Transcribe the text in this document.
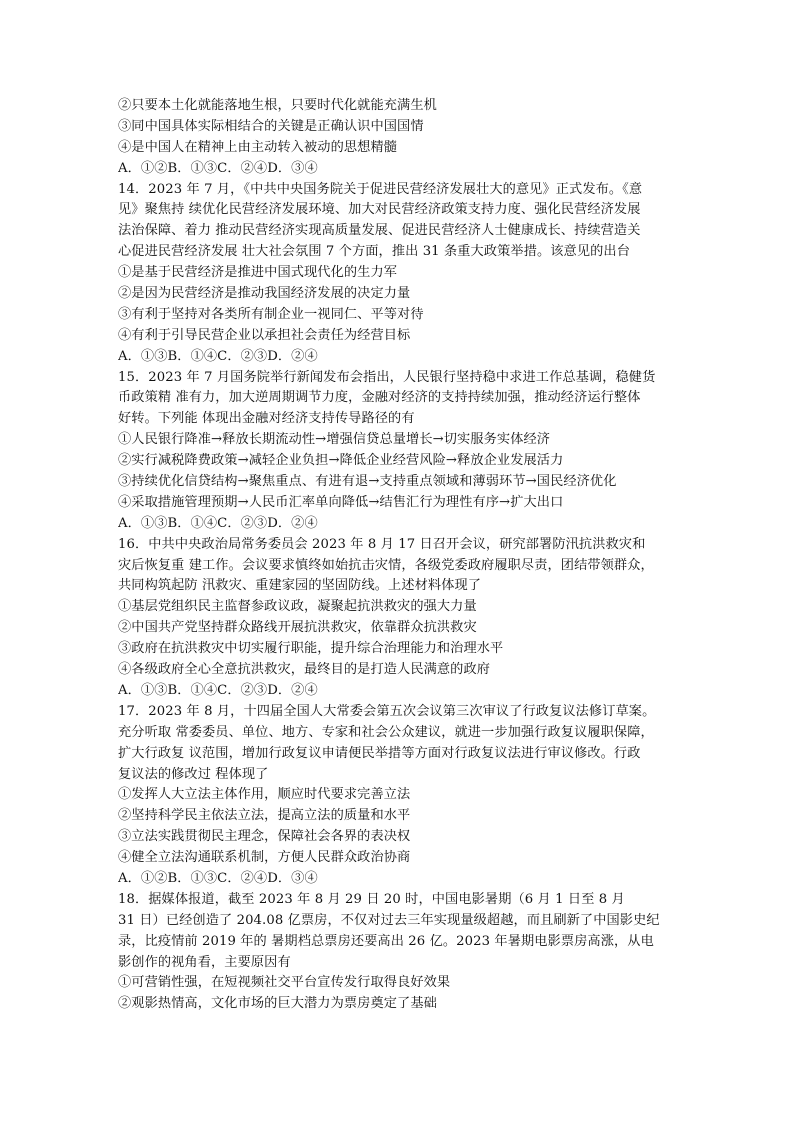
②只要本土化就能落地生根，只要时代化就能充满生机
③同中国具体实际相结合的关键是正确认识中国国情
④是中国人在精神上由主动转入被动的思想精髓
A．①②B．①③C．②④D．③④
14．2023 年 7 月，《中共中央国务院关于促进民营经济发展壮大的意见》正式发布。《意
见》聚焦持 续优化民营经济发展环境、加大对民营经济政策支持力度、强化民营经济发展
法治保障、着力 推动民营经济实现高质量发展、促进民营经济人士健康成长、持续营造关
心促进民营经济发展 壮大社会氛围 7 个方面，推出 31 条重大政策举措。该意见的出台
①是基于民营经济是推进中国式现代化的生力军
②是因为民营经济是推动我国经济发展的决定力量
③有利于坚持对各类所有制企业一视同仁、平等对待
④有利于引导民营企业以承担社会责任为经营目标
A．①③B．①④C．②③D．②④
15．2023 年 7 月国务院举行新闻发布会指出，人民银行坚持稳中求进工作总基调，稳健货
币政策精 准有力，加大逆周期调节力度，金融对经济的支持持续加强，推动经济运行整体
好转。下列能 体现出金融对经济支持传导路径的有
①人民银行降准→释放长期流动性→增强信贷总量增长→切实服务实体经济
②实行减税降费政策→减轻企业负担→降低企业经营风险→释放企业发展活力
③持续优化信贷结构→聚焦重点、有进有退→支持重点领域和薄弱环节→国民经济优化
④采取措施管理预期→人民币汇率单向降低→结售汇行为理性有序→扩大出口
A．①③B．①④C．②③D．②④
16．中共中央政治局常务委员会 2023 年 8 月 17 日召开会议，研究部署防汛抗洪救灾和
灾后恢复重 建工作。会议要求慎终如始抗击灾情，各级党委政府履职尽责，团结带领群众，
共同构筑起防 汛救灾、重建家园的坚固防线。上述材料体现了
①基层党组织民主监督参政议政，凝聚起抗洪救灾的强大力量
②中国共产党坚持群众路线开展抗洪救灾，依靠群众抗洪救灾
③政府在抗洪救灾中切实履行职能，提升综合治理能力和治理水平
④各级政府全心全意抗洪救灾，最终目的是打造人民满意的政府
A．①③B．①④C．②③D．②④
17．2023 年 8 月，十四届全国人大常委会第五次会议第三次审议了行政复议法修订草案。
充分听取 常委委员、单位、地方、专家和社会公众建议，就进一步加强行政复议履职保障，
扩大行政复 议范围，增加行政复议申请便民举措等方面对行政复议法进行审议修改。行政
复议法的修改过 程体现了
①发挥人大立法主体作用，顺应时代要求完善立法
②坚持科学民主依法立法，提高立法的质量和水平
③立法实践贯彻民主理念，保障社会各界的表决权
④健全立法沟通联系机制，方便人民群众政治协商
A．①②B．①③C．②④D．③④
18．据媒体报道，截至 2023 年 8 月 29 日 20 时，中国电影暑期（6 月 1 日至 8 月
31 日）已经创造了 204.08 亿票房，不仅对过去三年实现量级超越，而且刷新了中国影史纪
录，比疫情前 2019 年的 暑期档总票房还要高出 26 亿。2023 年暑期电影票房高涨，从电
影创作的视角看，主要原因有
①可营销性强，在短视频社交平台宣传发行取得良好效果
②观影热情高，文化市场的巨大潜力为票房奠定了基础
